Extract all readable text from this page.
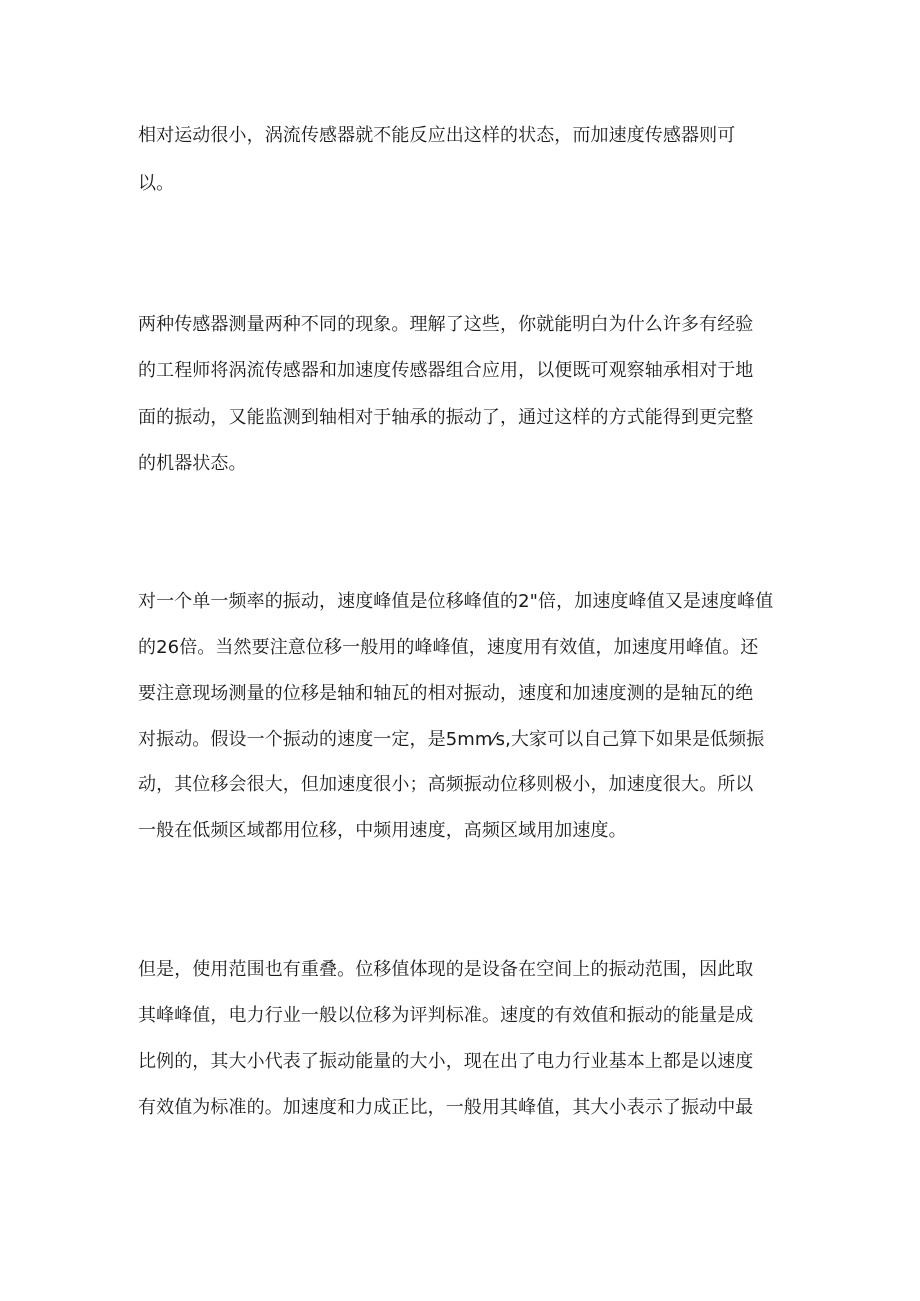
相对运动很小，涡流传感器就不能反应出这样的状态，而加速度传感器则可
以。
两种传感器测量两种不同的现象。理解了这些，你就能明白为什么许多有经验
的工程师将涡流传感器和加速度传感器组合应用，以便既可观察轴承相对于地
面的振动，又能监测到轴相对于轴承的振动了，通过这样的方式能得到更完整
的机器状态。
对一个单一频率的振动，速度峰值是位移峰值的2"倍，加速度峰值又是速度峰值
的26倍。当然要注意位移一般用的峰峰值，速度用有效值，加速度用峰值。还
要注意现场测量的位移是轴和轴瓦的相对振动，速度和加速度测的是轴瓦的绝
对振动。假设一个振动的速度一定，是5mm⁄s,大家可以自己算下如果是低频振
动，其位移会很大，但加速度很小；高频振动位移则极小，加速度很大。所以
一般在低频区域都用位移，中频用速度，高频区域用加速度。
但是，使用范围也有重叠。位移值体现的是设备在空间上的振动范围，因此取
其峰峰值，电力行业一般以位移为评判标准。速度的有效值和振动的能量是成
比例的，其大小代表了振动能量的大小，现在出了电力行业基本上都是以速度
有效值为标准的。加速度和力成正比，一般用其峰值，其大小表示了振动中最
